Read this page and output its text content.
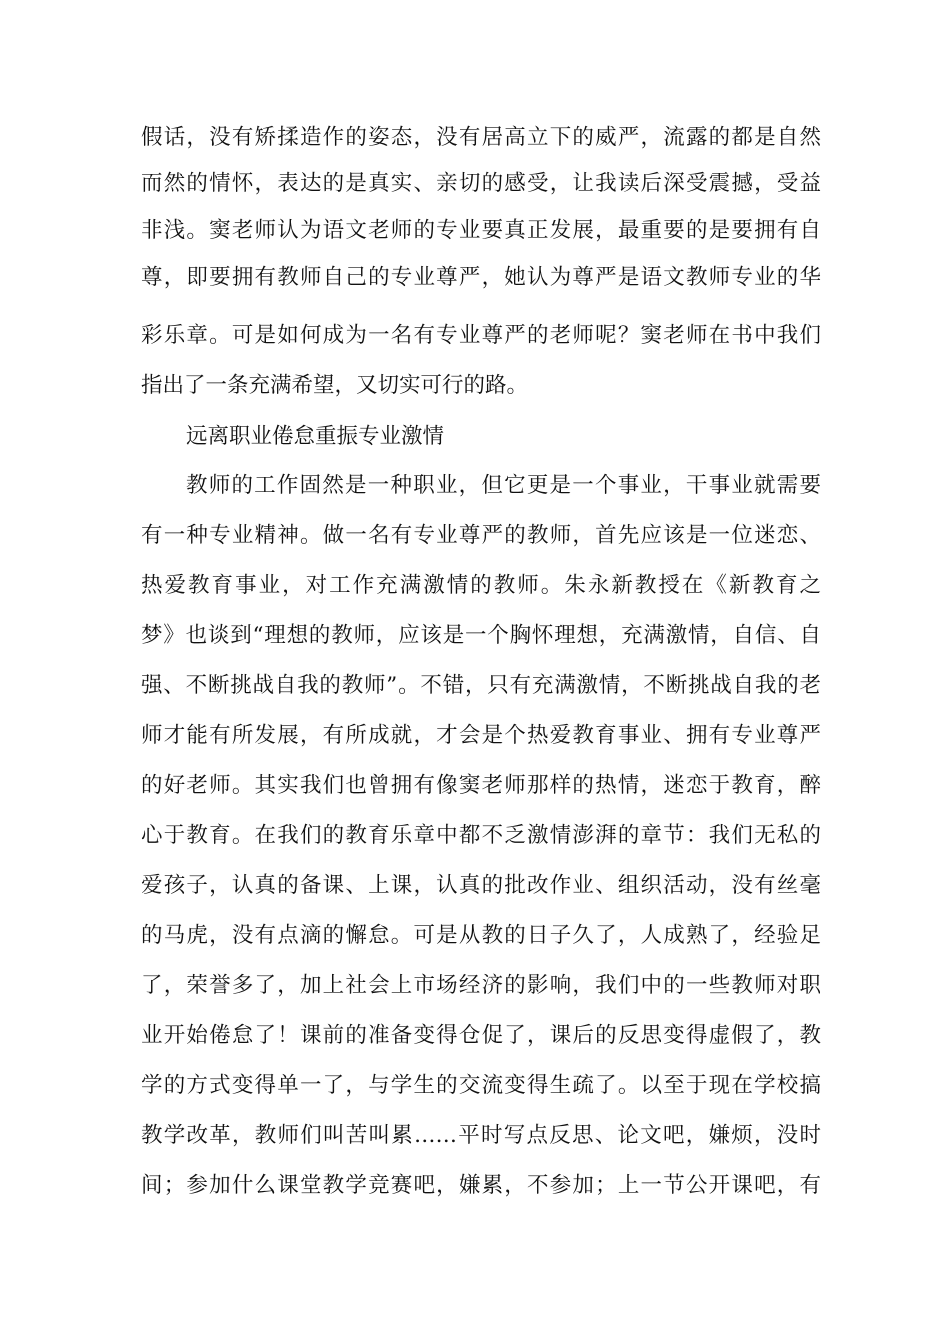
假话，没有矫揉造作的姿态，没有居高立下的威严，流露的都是自然
而然的情怀，表达的是真实、亲切的感受，让我读后深受震撼，受益
非浅。窦老师认为语文老师的专业要真正发展，最重要的是要拥有自
尊，即要拥有教师自己的专业尊严，她认为尊严是语文教师专业的华
彩乐章。可是如何成为一名有专业尊严的老师呢？窦老师在书中我们
指出了一条充满希望，又切实可行的路。
远离职业倦怠重振专业激情
教师的工作固然是一种职业，但它更是一个事业，干事业就需要
有一种专业精神。做一名有专业尊严的教师，首先应该是一位迷恋、
热爱教育事业，对工作充满激情的教师。朱永新教授在《新教育之
梦》也谈到“理想的教师，应该是一个胸怀理想，充满激情，自信、自
强、不断挑战自我的教师”。不错，只有充满激情，不断挑战自我的老
师才能有所发展，有所成就，才会是个热爱教育事业、拥有专业尊严
的好老师。其实我们也曾拥有像窦老师那样的热情，迷恋于教育，醉
心于教育。在我们的教育乐章中都不乏激情澎湃的章节：我们无私的
爱孩子，认真的备课、上课，认真的批改作业、组织活动，没有丝毫
的马虎，没有点滴的懈怠。可是从教的日子久了，人成熟了，经验足
了，荣誉多了，加上社会上市场经济的影响，我们中的一些教师对职
业开始倦怠了！课前的准备变得仓促了，课后的反思变得虚假了，教
学的方式变得单一了，与学生的交流变得生疏了。以至于现在学校搞
教学改革，教师们叫苦叫累……平时写点反思、论文吧，嫌烦，没时
间；参加什么课堂教学竞赛吧，嫌累，不参加；上一节公开课吧，有
